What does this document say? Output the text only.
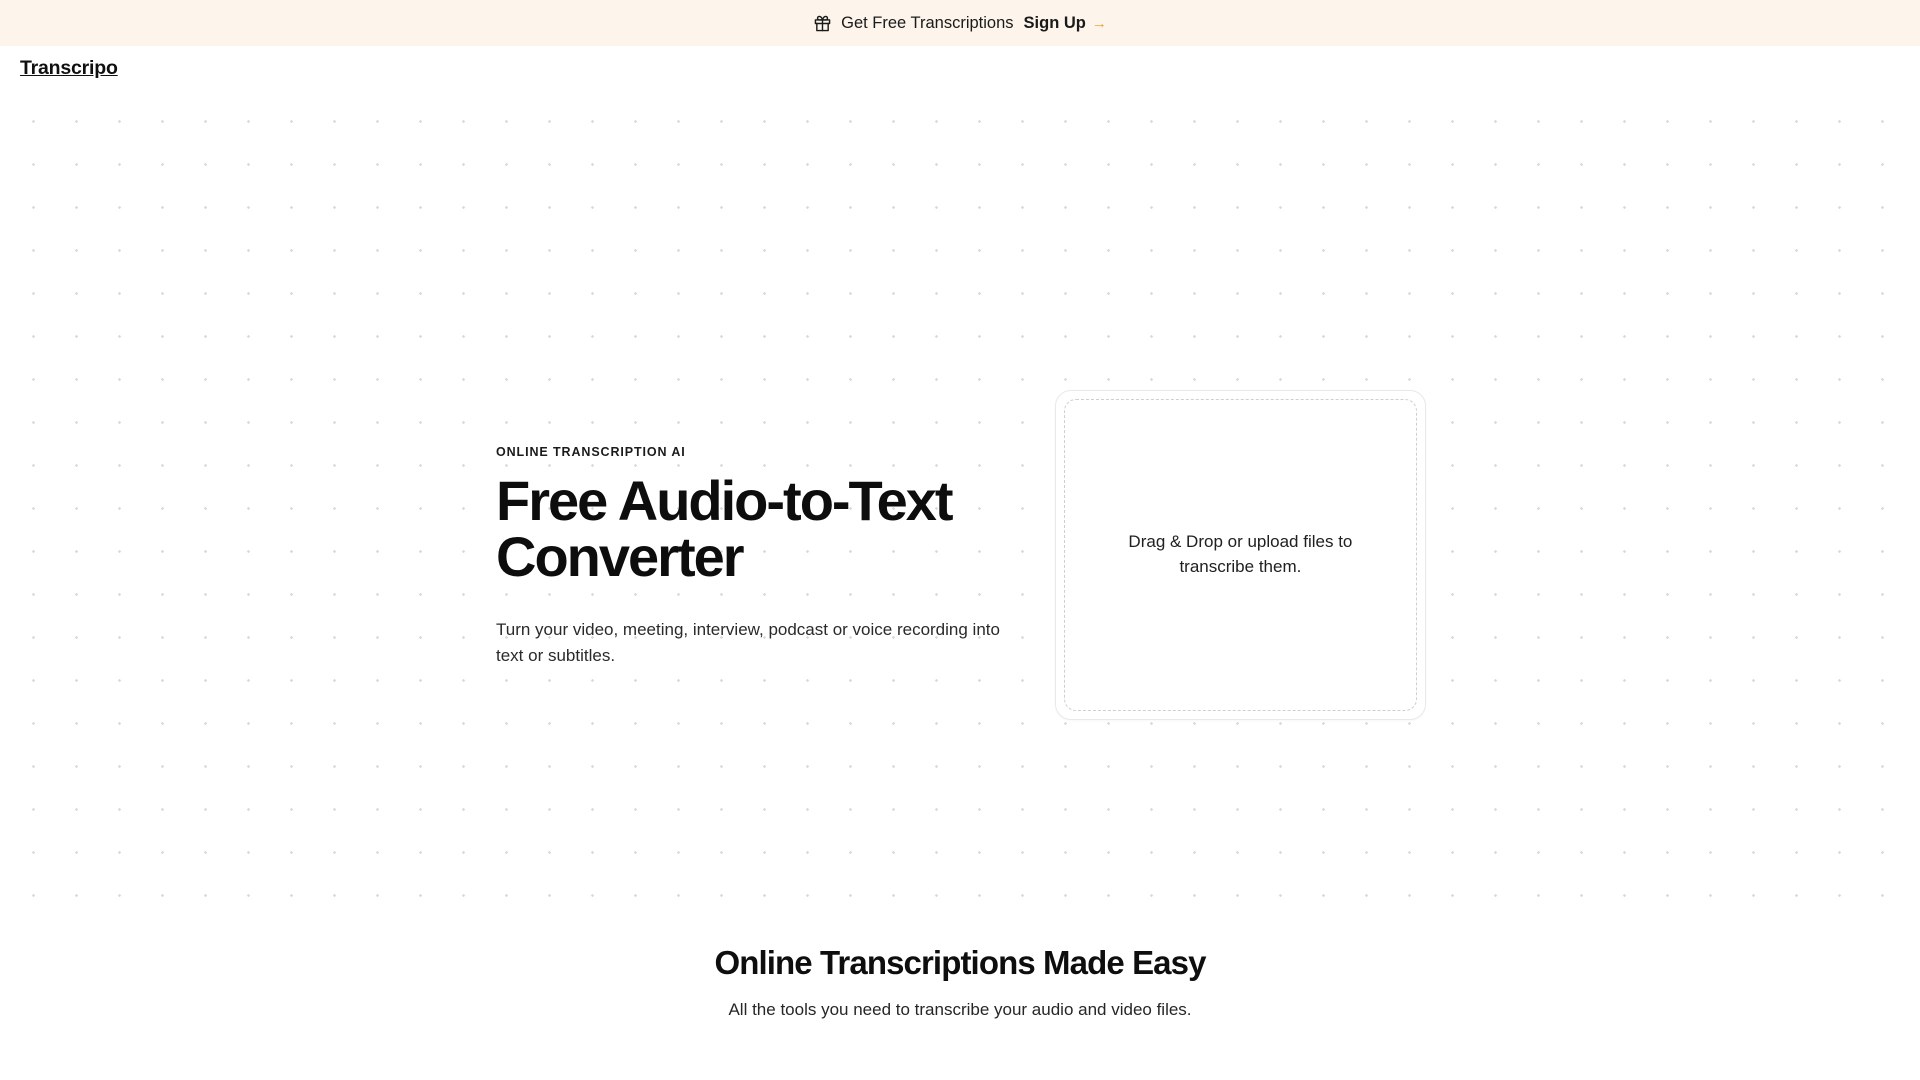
Get Free Transcriptions Sign Up →
Transcripo
ONLINE TRANSCRIPTION AI
Free Audio-to-Text Converter

Turn your video, meeting, interview, podcast or voice recording into text or subtitles.

Drag & Drop or upload files to transcribe them.
Online Transcriptions Made Easy

All the tools you need to transcribe your audio and video files.
